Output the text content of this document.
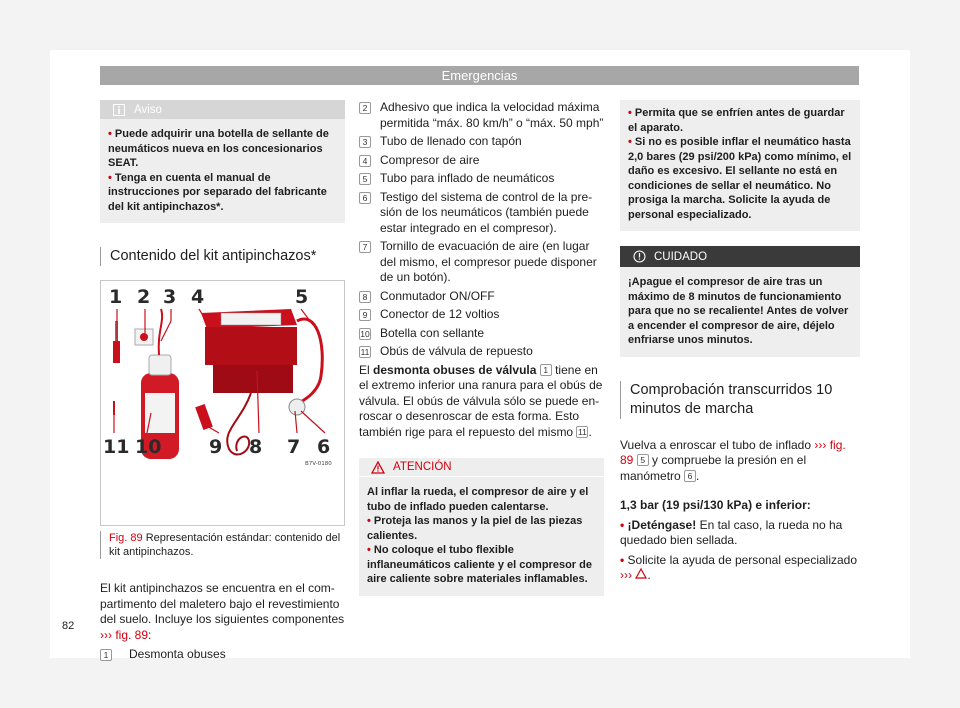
Emergencias
Aviso

• Puede adquirir una botella de sellante de neumáticos nueva en los concesionarios SEAT.

• Tenga en cuenta el manual de instrucciones por separado del fabricante del kit antipinchazos*.

Contenido del kit antipinchazos*
1 2 3 4	5
11 10	9 8 7 6
B7V-0180

Fig. 89 Representación estándar: contenido del kit antipinchazos.

El kit antipinchazos se encuentra en el compartimento del maletero bajo el revestimiento del suelo. Incluye los siguientes componentes ››› fig. 89:

1	Desmonta obuses
2	Adhesivo que indica la velocidad máxima permitida “máx. 80 km/h” o “máx. 50 mph”
3	Tubo de llenado con tapón
4	Compresor de aire
5	Tubo para inflado de neumáticos
6	Testigo del sistema de control de la presión de los neumáticos (también puede estar integrado en el compresor).
7	Tornillo de evacuación de aire (en lugar del mismo, el compresor puede disponer de un botón).
8	Conmutador ON/OFF
9	Conector de 12 voltios
10 Botella con sellante
11 Obús de válvula de repuesto

El desmonta obuses de válvula 1 tiene en el extremo inferior una ranura para el obús de válvula. El obús de válvula sólo se puede enroscar o desenroscar de esta forma. Esto también rige para el repuesto del mismo 11 .

ATENCIÓN

Al inflar la rueda, el compresor de aire y el tubo de inflado pueden calentarse.

• Proteja las manos y la piel de las piezas calientes.

• No coloque el tubo flexible inflaneumáticos caliente y el compresor de aire caliente sobre materiales inflamables.

• Permita que se enfríen antes de guardar el aparato.

• Si no es posible inflar el neumático hasta 2,0 bares (29 psi/200 kPa) como mínimo, el daño es excesivo. El sellante no está en condiciones de sellar el neumático. No prosiga la marcha. Solicite la ayuda de personal especializado.

CUIDADO

¡Apague el compresor de aire tras un máximo de 8 minutos de funcionamiento para que no se recaliente! Antes de volver a encender el compresor de aire, déjelo enfriarse unos minutos.

Comprobación transcurridos 10 minutos de marcha

Vuelva a enroscar el tubo de inflado ››› fig. 89 5 y compruebe la presión en el manómetro 6 .

1,3 bar (19 psi/130 kPa) e inferior:

• ¡Deténgase! En tal caso, la rueda no ha quedado bien sellada.

• Solicite la ayuda de personal especializado ››› .

82
